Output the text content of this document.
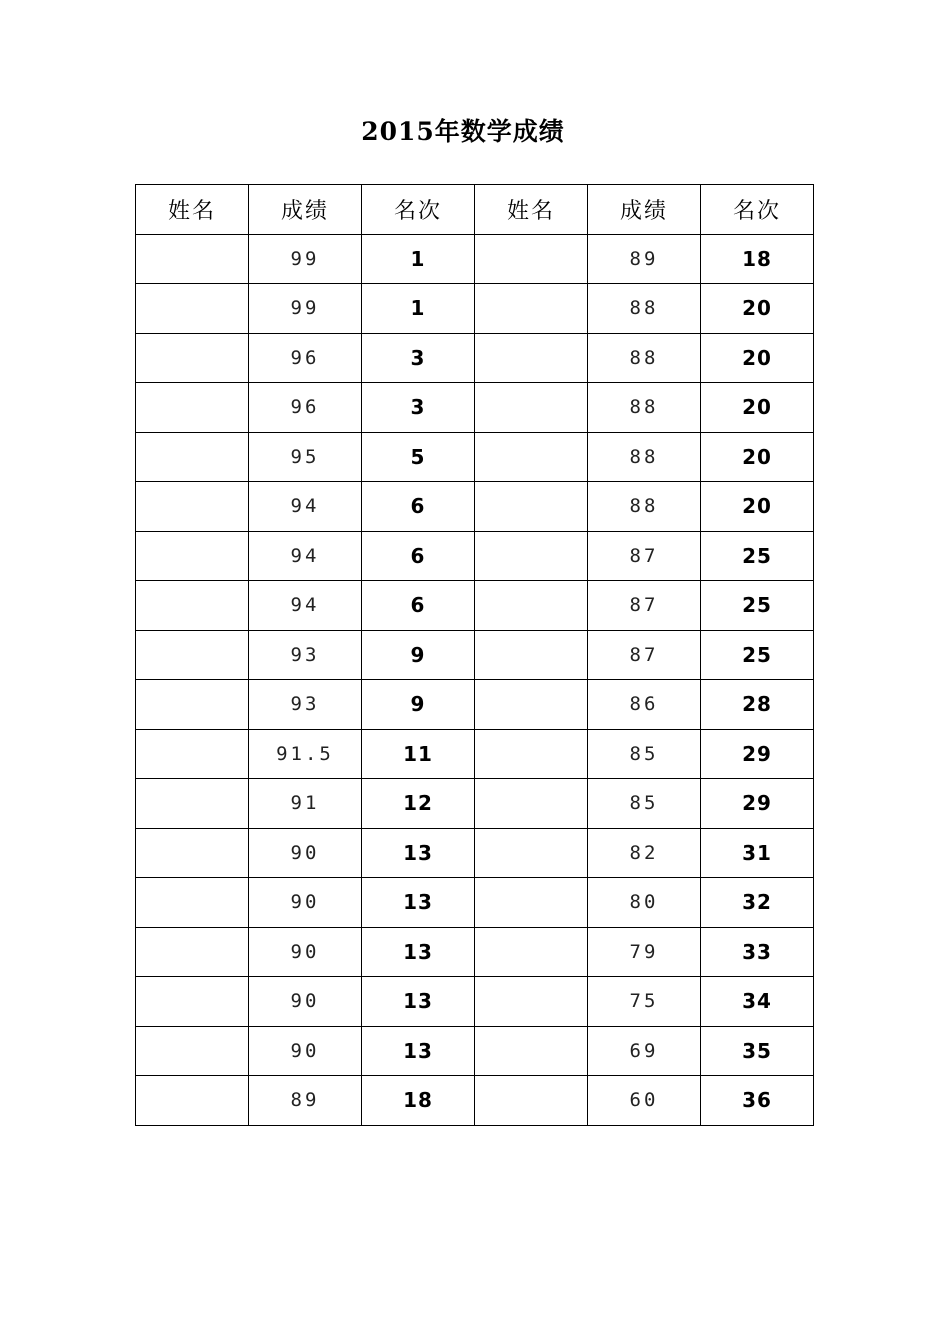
2015年数学成绩
姓名	成绩	名次	姓名	成绩	名次
	99	1		89	18
	99	1		88	20
	96	3		88	20
	96	3		88	20
	95	5		88	20
	94	6		88	20
	94	6		87	25
	94	6		87	25
	93	9		87	25
	93	9		86	28
	91.5	11		85	29
	91	12		85	29
	90	13		82	31
	90	13		80	32
	90	13		79	33
	90	13		75	34
	90	13		69	35
	89	18		60	36
